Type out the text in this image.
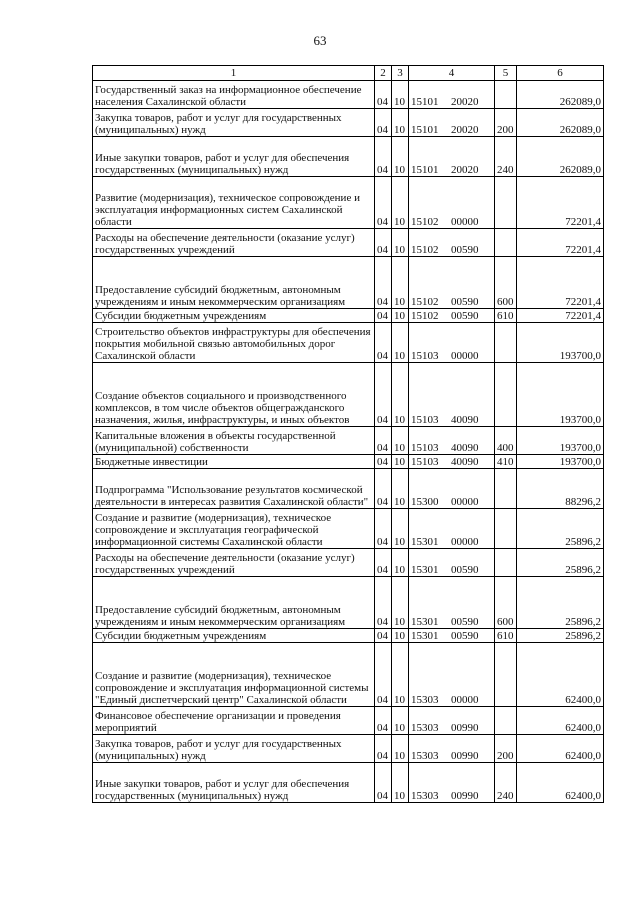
63
1	2	3	4	5	6
Государственный заказ на информационное обеспечение населения Сахалинской области	04	10	15101 20020		262089,0
Закупка товаров, работ и услуг для государственных (муниципальных) нужд	04	10	15101 20020	200	262089,0
Иные закупки товаров, работ и услуг для обеспечения государственных (муниципальных) нужд	04	10	15101 20020	240	262089,0
Развитие (модернизация), техническое сопровождение и эксплуатация информационных систем Сахалинской области	04	10	15102 00000		72201,4
Расходы на обеспечение деятельности (оказание услуг) государственных учреждений	04	10	15102 00590		72201,4
Предоставление субсидий бюджетным, автономным учреждениям и иным некоммерческим организациям	04	10	15102 00590	600	72201,4
Субсидии бюджетным учреждениям	04	10	15102 00590	610	72201,4
Строительство объектов инфраструктуры для обеспечения покрытия мобильной связью автомобильных дорог Сахалинской области	04	10	15103 00000		193700,0
Создание объектов социального и производственного комплексов, в том числе объектов общегражданского назначения, жилья, инфраструктуры, и иных объектов	04	10	15103 40090		193700,0
Капитальные вложения в объекты государственной (муниципальной) собственности	04	10	15103 40090	400	193700,0
Бюджетные инвестиции	04	10	15103 40090	410	193700,0
Подпрограмма "Использование результатов космической деятельности в интересах развития Сахалинской области"	04	10	15300 00000		88296,2
Создание и развитие (модернизация), техническое сопровождение и эксплуатация географической информационной системы Сахалинской области	04	10	15301 00000		25896,2
Расходы на обеспечение деятельности (оказание услуг) государственных учреждений	04	10	15301 00590		25896,2
Предоставление субсидий бюджетным, автономным учреждениям и иным некоммерческим организациям	04	10	15301 00590	600	25896,2
Субсидии бюджетным учреждениям	04	10	15301 00590	610	25896,2
Создание и развитие (модернизация), техническое сопровождение и эксплуатация информационной системы "Единый диспетчерский центр" Сахалинской области	04	10	15303 00000		62400,0
Финансовое обеспечение организации и проведения мероприятий	04	10	15303 00990		62400,0
Закупка товаров, работ и услуг для государственных (муниципальных) нужд	04	10	15303 00990	200	62400,0
Иные закупки товаров, работ и услуг для обеспечения государственных (муниципальных) нужд	04	10	15303 00990	240	62400,0
